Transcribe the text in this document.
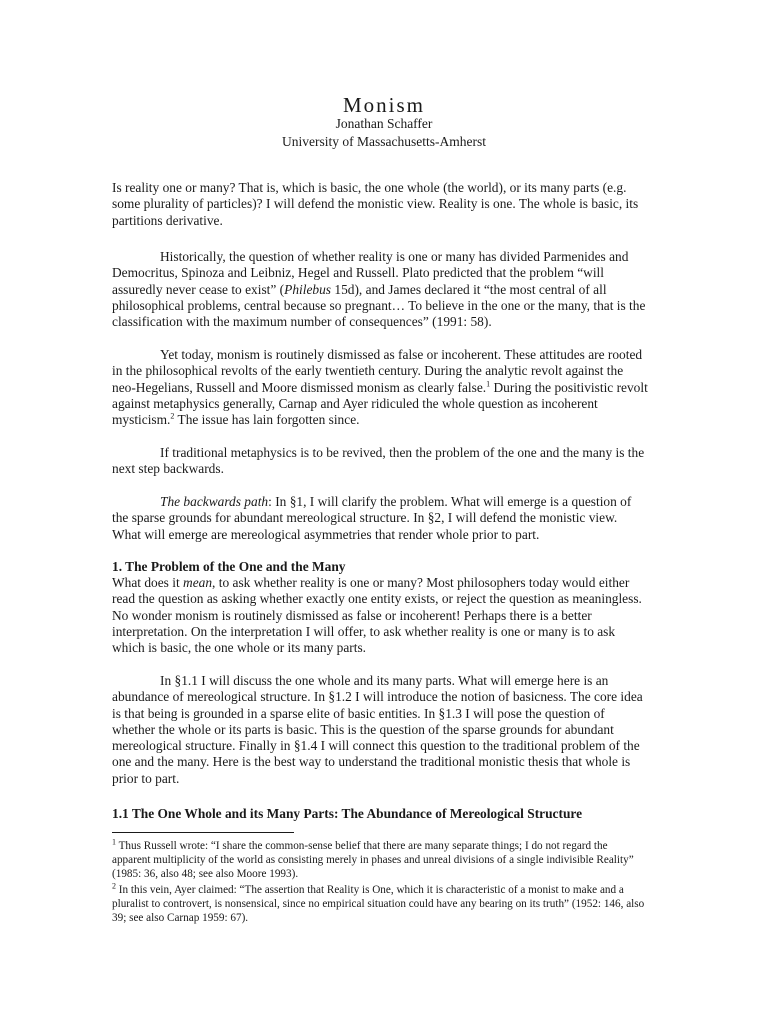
Monism
Jonathan Schaffer
University of Massachusetts-Amherst

Is reality one or many? That is, which is basic, the one whole (the world), or its many parts (e.g. some plurality of particles)? I will defend the monistic view. Reality is one. The whole is basic, its partitions derivative.

Historically, the question of whether reality is one or many has divided Parmenides and Democritus, Spinoza and Leibniz, Hegel and Russell. Plato predicted that the problem “will assuredly never cease to exist” (Philebus 15d), and James declared it “the most central of all philosophical problems, central because so pregnant… To believe in the one or the many, that is the classification with the maximum number of consequences” (1991: 58).

Yet today, monism is routinely dismissed as false or incoherent. These attitudes are rooted in the philosophical revolts of the early twentieth century. During the analytic revolt against the neo-Hegelians, Russell and Moore dismissed monism as clearly false.$^1$ During the positivistic revolt against metaphysics generally, Carnap and Ayer ridiculed the whole question as incoherent mysticism.$^2$ The issue has lain forgotten since.

If traditional metaphysics is to be revived, then the problem of the one and the many is the next step backwards.

The backwards path: In §1, I will clarify the problem. What will emerge is a question of the sparse grounds for abundant mereological structure. In §2, I will defend the monistic view. What will emerge are mereological asymmetries that render whole prior to part.

1. The Problem of the One and the Many

What does it mean, to ask whether reality is one or many? Most philosophers today would either read the question as asking whether exactly one entity exists, or reject the question as meaningless. No wonder monism is routinely dismissed as false or incoherent! Perhaps there is a better interpretation. On the interpretation I will offer, to ask whether reality is one or many is to ask which is basic, the one whole or its many parts.

In §1.1 I will discuss the one whole and its many parts. What will emerge here is an abundance of mereological structure. In §1.2 I will introduce the notion of basicness. The core idea is that being is grounded in a sparse elite of basic entities. In §1.3 I will pose the question of whether the whole or its parts is basic. This is the question of the sparse grounds for abundant mereological structure. Finally in §1.4 I will connect this question to the traditional problem of the one and the many. Here is the best way to understand the traditional monistic thesis that whole is prior to part.

1.1 The One Whole and its Many Parts: The Abundance of Mereological Structure

$^1$ Thus Russell wrote: “I share the common-sense belief that there are many separate things; I do not regard the apparent multiplicity of the world as consisting merely in phases and unreal divisions of a single indivisible Reality” (1985: 36, also 48; see also Moore 1993).

$^2$ In this vein, Ayer claimed: “The assertion that Reality is One, which it is characteristic of a monist to make and a pluralist to controvert, is nonsensical, since no empirical situation could have any bearing on its truth” (1952: 146, also 39; see also Carnap 1959: 67).
